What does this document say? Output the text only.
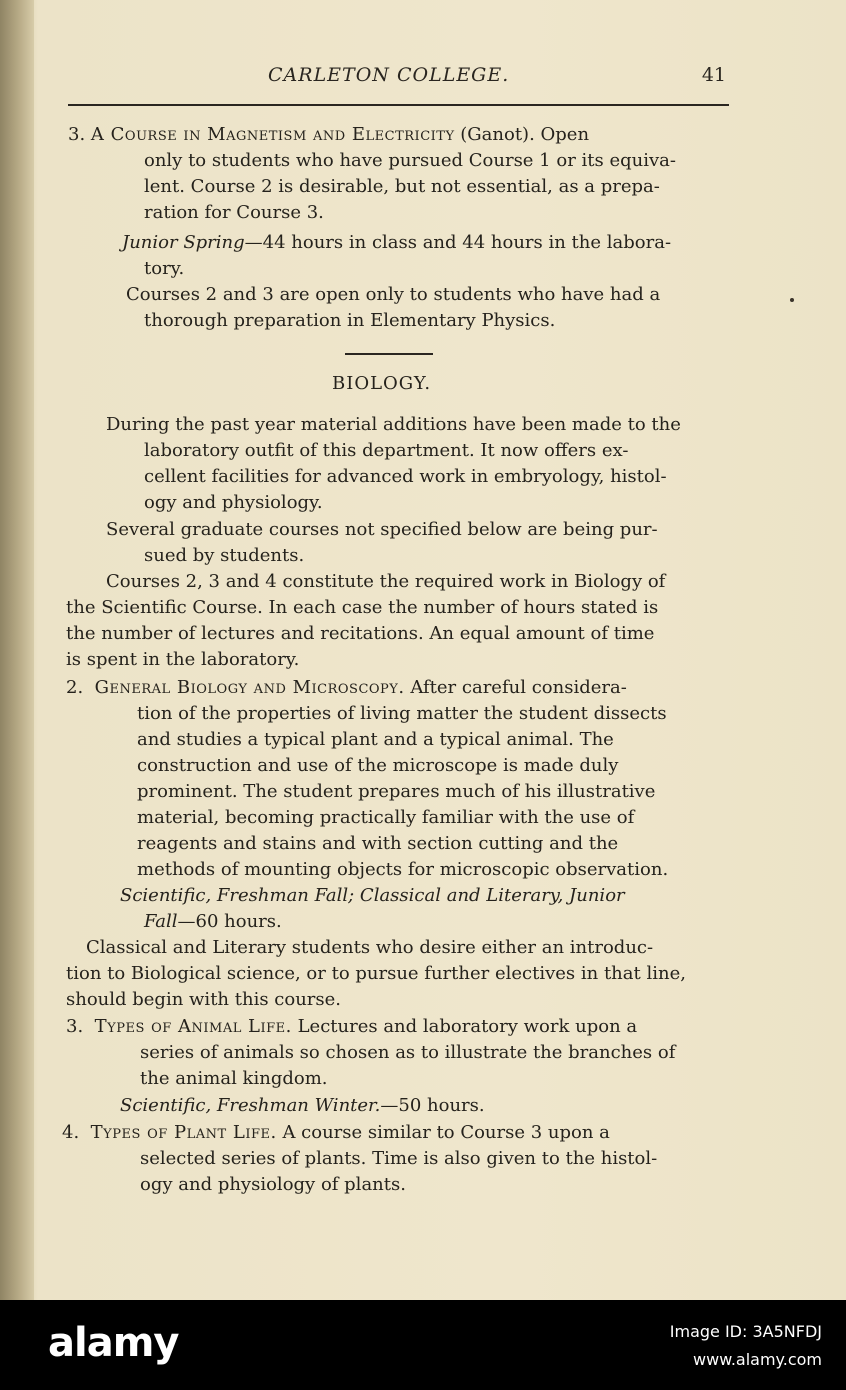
CARLETON COLLEGE.	41
3. A Course in Magnetism and Electricity (Ganot). Open
only to students who have pursued Course 1 or its equiva-
lent. Course 2 is desirable, but not essential, as a prepa-
ration for Course 3.
Junior Spring—44 hours in class and 44 hours in the labora-
tory.
Courses 2 and 3 are open only to students who have had a
thorough preparation in Elementary Physics.
During the past year material additions have been made to the
laboratory outfit of this department. It now offers ex-
cellent facilities for advanced work in embryology, histol-
ogy and physiology.
Several graduate courses not specified below are being pur-
sued by students.
Courses 2, 3 and 4 constitute the required work in Biology of
the Scientific Course. In each case the number of hours stated is
the number of lectures and recitations. An equal amount of time
is spent in the laboratory.
2. General Biology and Microscopy. After careful considera-
tion of the properties of living matter the student dissects
and studies a typical plant and a typical animal. The
construction and use of the microscope is made duly
prominent. The student prepares much of his illustrative
material, becoming practically familiar with the use of
reagents and stains and with section cutting and the
methods of mounting objects for microscopic observation.
Scientific, Freshman Fall; Classical and Literary, Junior
Fall—60 hours.
Classical and Literary students who desire either an introduc-
tion to Biological science, or to pursue further electives in that line,
should begin with this course.
3. Types of Animal Life. Lectures and laboratory work upon a
series of animals so chosen as to illustrate the branches of
the animal kingdom.
Scientific, Freshman Winter.—50 hours.
4. Types of Plant Life. A course similar to Course 3 upon a
selected series of plants. Time is also given to the histol-
ogy and physiology of plants.
BIOLOGY.
alamy	Image ID: 3A5NFDJ
www.alamy.com
